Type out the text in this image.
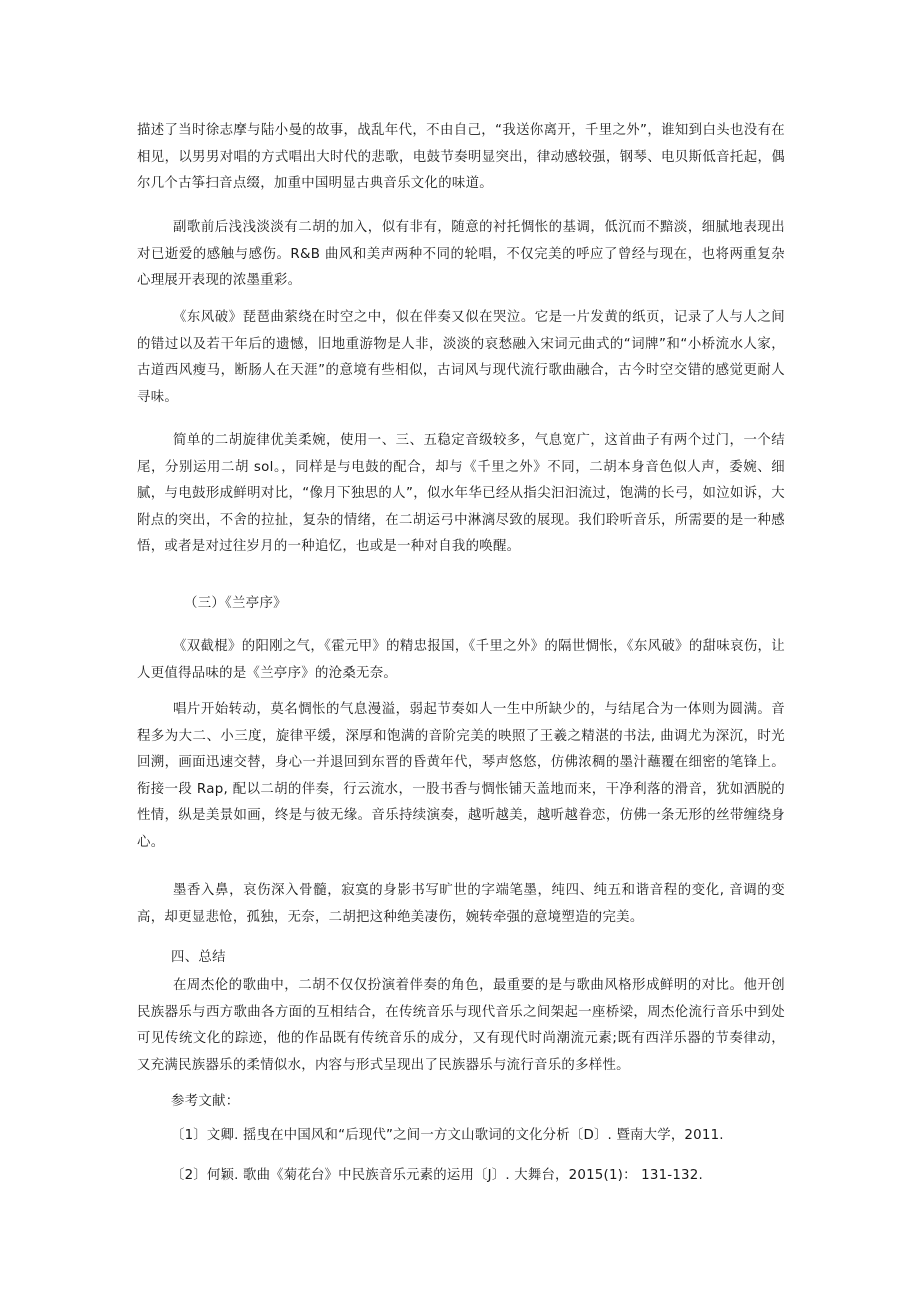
描述了当时徐志摩与陆小曼的故事，战乱年代，不由自己，“我送你离开，千里之外”，谁知到白头也没有在相见，以男男对唱的方式唱出大时代的悲歌，电鼓节奏明显突出，律动感较强，钢琴、电贝斯低音托起，偶尔几个古筝扫音点缀，加重中国明显古典音乐文化的味道。

副歌前后浅浅淡淡有二胡的加入，似有非有，随意的衬托惆怅的基调，低沉而不黯淡，细腻地表现出对已逝爱的感触与感伤。R&B 曲风和美声两种不同的轮唱，不仅完美的呼应了曾经与现在，也将两重复杂心理展开表现的浓墨重彩。

《东风破》琵琶曲萦绕在时空之中，似在伴奏又似在哭泣。它是一片发黄的纸页，记录了人与人之间的错过以及若干年后的遗憾，旧地重游物是人非，淡淡的哀愁融入宋词元曲式的“词牌”和“小桥流水人家，古道西风瘦马，断肠人在天涯”的意境有些相似，古词风与现代流行歌曲融合，古今时空交错的感觉更耐人寻味。

简单的二胡旋律优美柔婉，使用一、三、五稳定音级较多，气息宽广，这首曲子有两个过门，一个结尾，分别运用二胡 sol。，同样是与电鼓的配合，却与《千里之外》不同，二胡本身音色似人声，委婉、细腻，与电鼓形成鲜明对比，“像月下独思的人”，似水年华已经从指尖汩汩流过，饱满的长弓，如泣如诉，大附点的突出，不舍的拉扯，复杂的情绪，在二胡运弓中淋漓尽致的展现。我们聆听音乐，所需要的是一种感悟，或者是对过往岁月的一种追忆，也或是一种对自我的唤醒。

（三）《兰亭序》

《双截棍》的阳刚之气，《霍元甲》的精忠报国，《千里之外》的隔世惆怅，《东风破》的甜味哀伤，让人更值得品味的是《兰亭序》的沧桑无奈。

唱片开始转动，莫名惆怅的气息漫溢，弱起节奏如人一生中所缺少的，与结尾合为一体则为圆满。音程多为大二、小三度，旋律平缓，深厚和饱满的音阶完美的映照了王羲之精湛的书法, 曲调尤为深沉，时光回溯，画面迅速交替，身心一并退回到东晋的昏黄年代，琴声悠悠，仿佛浓稠的墨汁蘸覆在细密的笔锋上。衔接一段 Rap, 配以二胡的伴奏，行云流水，一股书香与惆怅铺天盖地而来，干净利落的滑音，犹如洒脱的性情，纵是美景如画，终是与彼无缘。音乐持续演奏，越听越美，越听越眷恋，仿佛一条无形的丝带缠绕身心。

墨香入鼻，哀伤深入骨髓，寂寞的身影书写旷世的字端笔墨，纯四、纯五和谐音程的变化, 音调的变高，却更显悲怆，孤独，无奈，二胡把这种绝美凄伤，婉转牵强的意境塑造的完美。

四、总结

在周杰伦的歌曲中，二胡不仅仅扮演着伴奏的角色，最重要的是与歌曲风格形成鲜明的对比。他开创民族器乐与西方歌曲各方面的互相结合，在传统音乐与现代音乐之间架起一座桥梁，周杰伦流行音乐中到处可见传统文化的踪迹，他的作品既有传统音乐的成分，又有现代时尚潮流元素;既有西洋乐器的节奏律动，又充满民族器乐的柔情似水，内容与形式呈现出了民族器乐与流行音乐的多样性。

参考文献：

〔1〕文卿. 摇曳在中国风和“后现代”之间一方文山歌词的文化分析〔D〕. 暨南大学，2011.

〔2〕何颖. 歌曲《菊花台》中民族音乐元素的运用〔J〕. 大舞台，2015(1)： 131-132.
